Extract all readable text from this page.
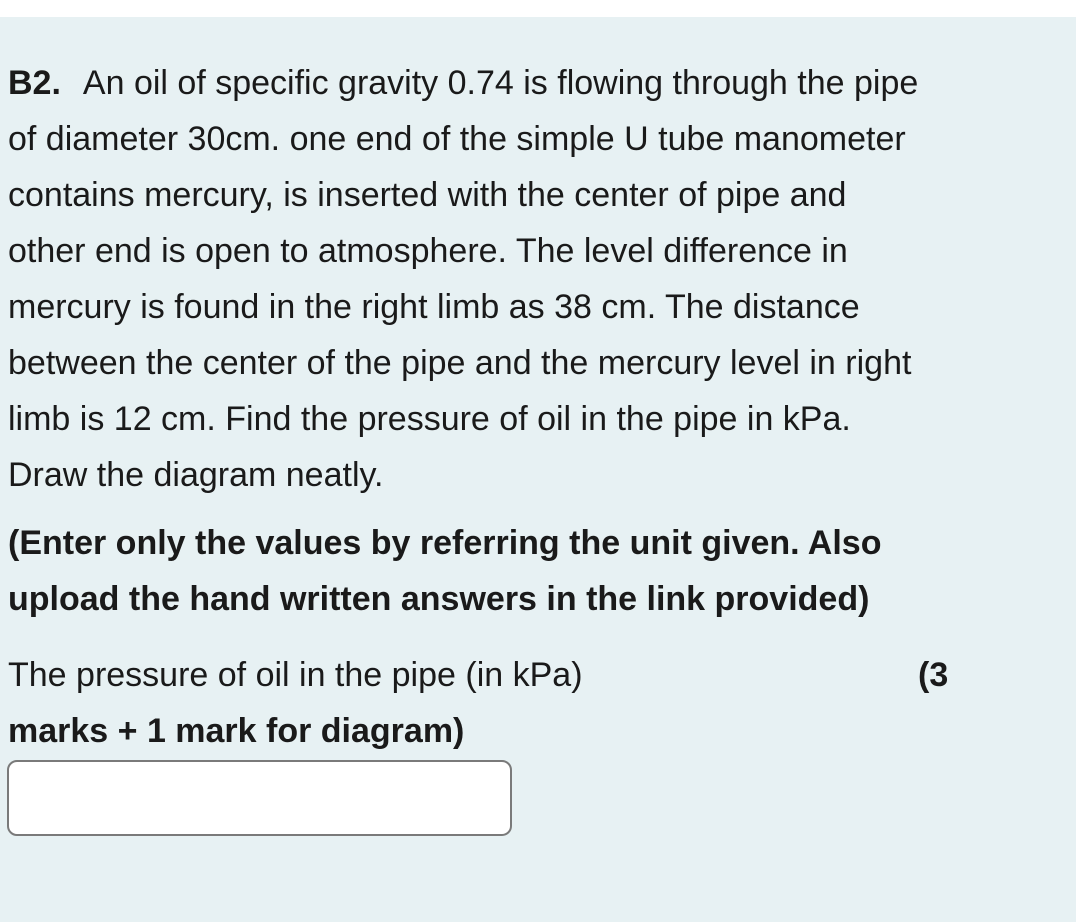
B2. An oil of specific gravity 0.74 is flowing through the pipe
of diameter 30cm. one end of the simple U tube manometer
contains mercury, is inserted with the center of pipe and
other end is open to atmosphere. The level difference in
mercury is found in the right limb as 38 cm. The distance
between the center of the pipe and the mercury level in right
limb is 12 cm. Find the pressure of oil in the pipe in kPa.
Draw the diagram neatly.

(Enter only the values by referring the unit given. Also
upload the hand written answers in the link provided)

The pressure of oil in the pipe (in kPa)	(3
marks + 1 mark for diagram)
